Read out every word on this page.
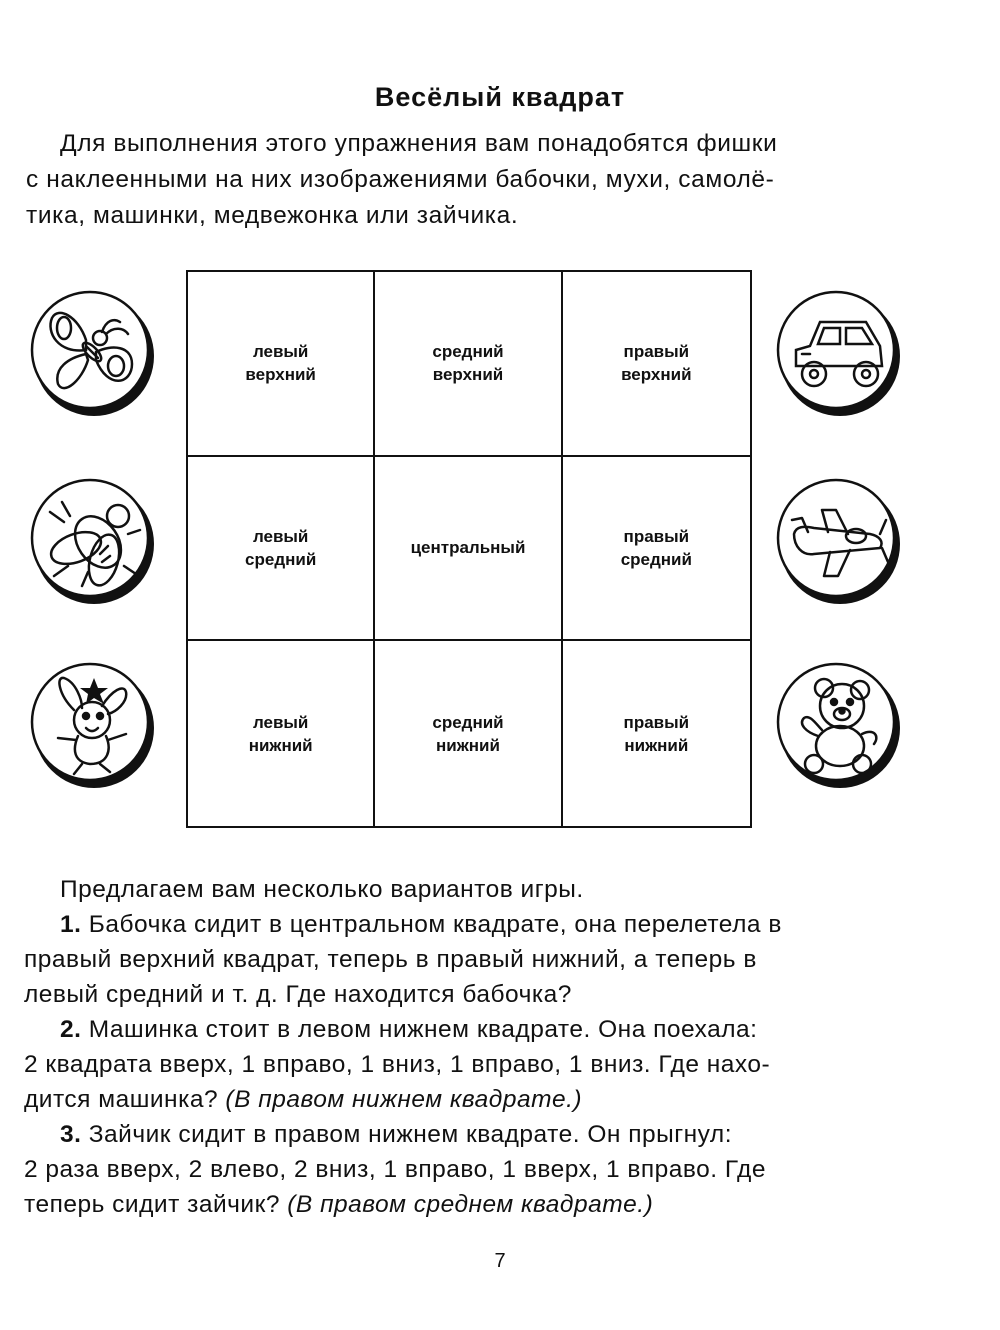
Весёлый квадрат
Для выполнения этого упражнения вам понадобятся фишки
с наклеенными на них изображениями бабочки, мухи, самолё-
тика, машинки, медвежонка или зайчика.
левый
верхний
средний
верхний
правый
верхний
левый
средний
центральный
правый
средний
левый
нижний
средний
нижний
правый
нижний

Предлагаем вам несколько вариантов игры.

1. Бабочка сидит в центральном квадрате, она перелетела в
правый верхний квадрат, теперь в правый нижний, а теперь в
левый средний и т. д. Где находится бабочка?

2. Машинка стоит в левом нижнем квадрате. Она поехала:
2 квадрата вверх, 1 вправо, 1 вниз, 1 вправо, 1 вниз. Где нахо-
дится машинка? (В правом нижнем квадрате.)

3. Зайчик сидит в правом нижнем квадрате. Он прыгнул:
2 раза вверх, 2 влево, 2 вниз, 1 вправо, 1 вверх, 1 вправо. Где
теперь сидит зайчик? (В правом среднем квадрате.)

7
